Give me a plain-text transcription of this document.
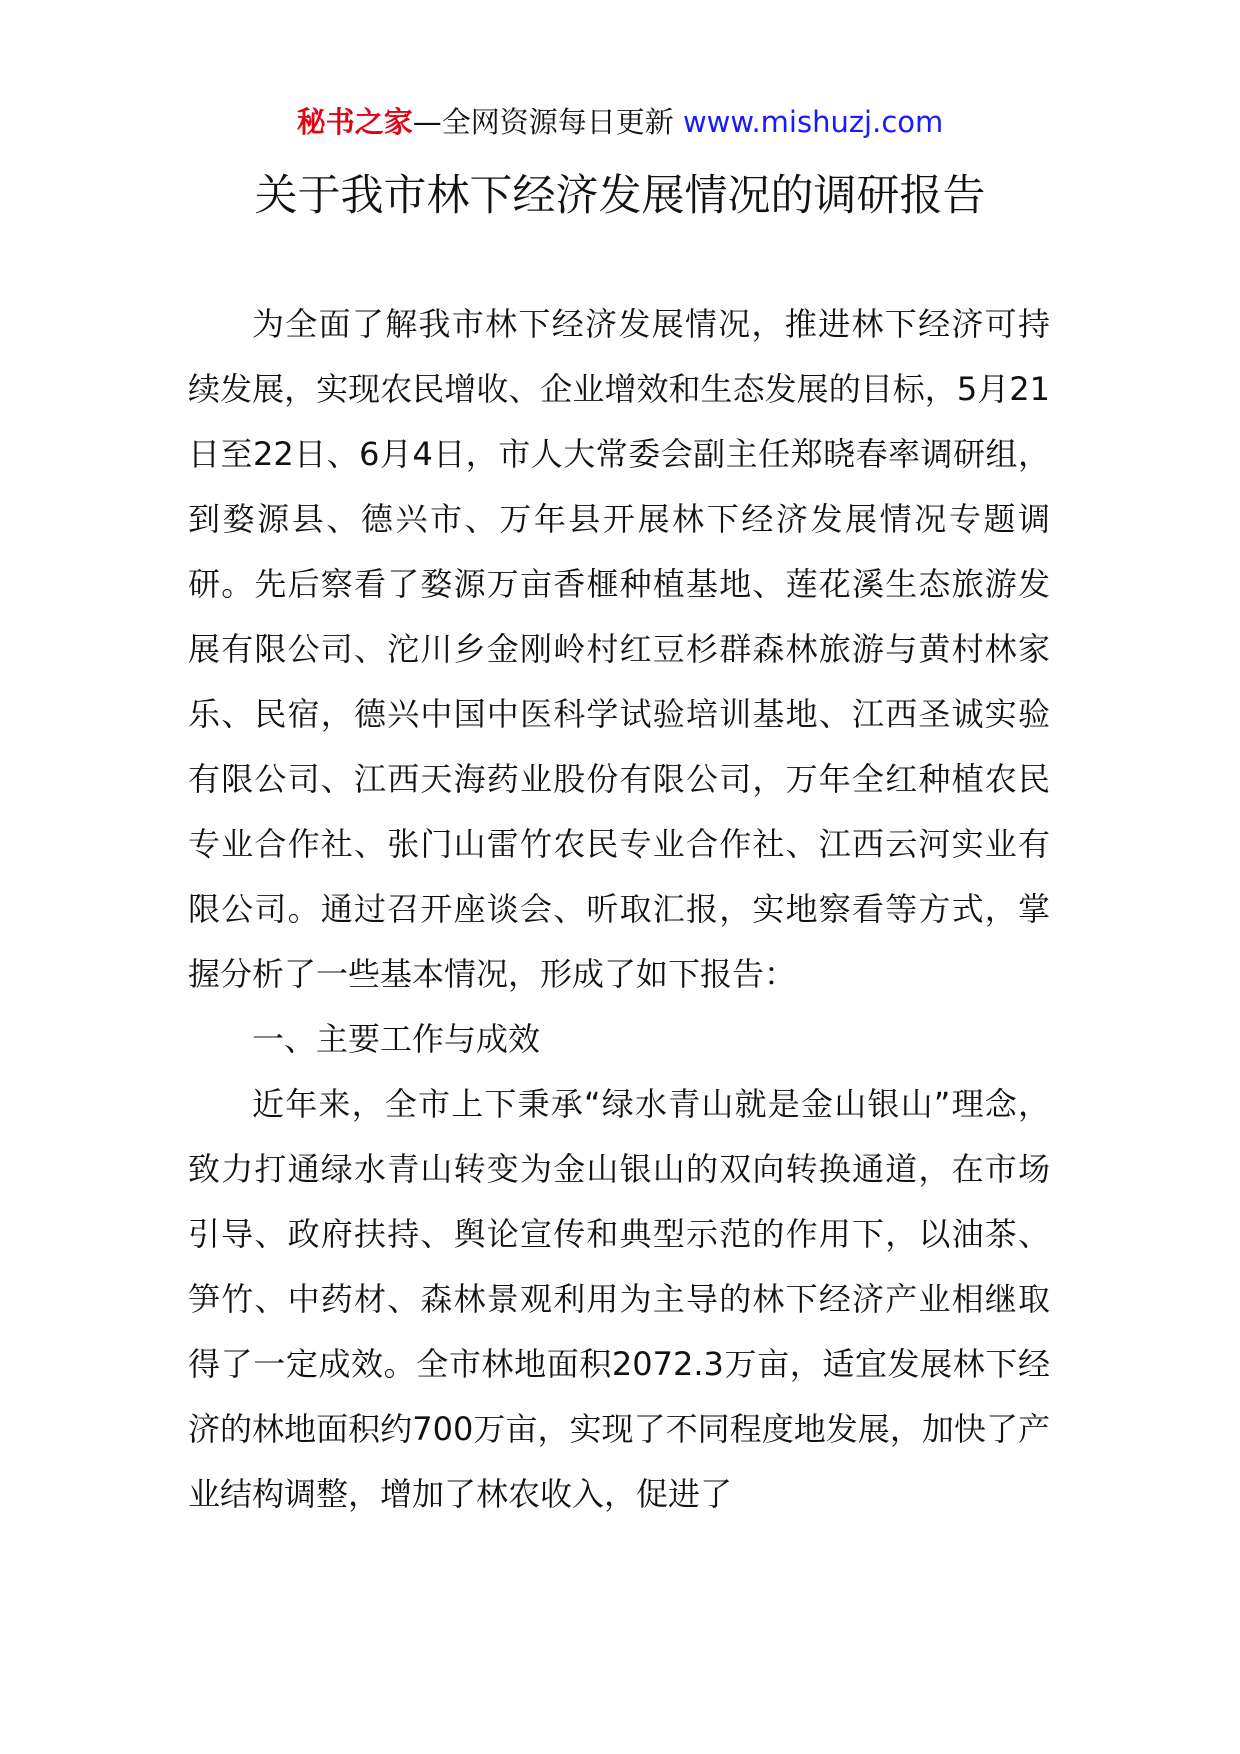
秘书之家—全网资源每日更新 www.mishuzj.com
关于我市林下经济发展情况的调研报告

为全面了解我市林下经济发展情况，推进林下经济可持续发展，实现农民增收、企业增效和生态发展的目标，5月21日至22日、6月4日，市人大常委会副主任郑晓春率调研组，到婺源县、德兴市、万年县开展林下经济发展情况专题调研。先后察看了婺源万亩香榧种植基地、莲花溪生态旅游发展有限公司、沱川乡金刚岭村红豆杉群森林旅游与黄村林家乐、民宿，德兴中国中医科学试验培训基地、江西圣诚实验有限公司、江西天海药业股份有限公司，万年全红种植农民专业合作社、张门山雷竹农民专业合作社、江西云河实业有限公司。通过召开座谈会、听取汇报，实地察看等方式，掌握分析了一些基本情况，形成了如下报告：

一、主要工作与成效

近年来，全市上下秉承“绿水青山就是金山银山”理念，致力打通绿水青山转变为金山银山的双向转换通道，在市场引导、政府扶持、舆论宣传和典型示范的作用下，以油茶、笋竹、中药材、森林景观利用为主导的林下经济产业相继取得了一定成效。全市林地面积2072.3万亩，适宜发展林下经济的林地面积约700万亩，实现了不同程度地发展，加快了产业结构调整，增加了林农收入，促进了
